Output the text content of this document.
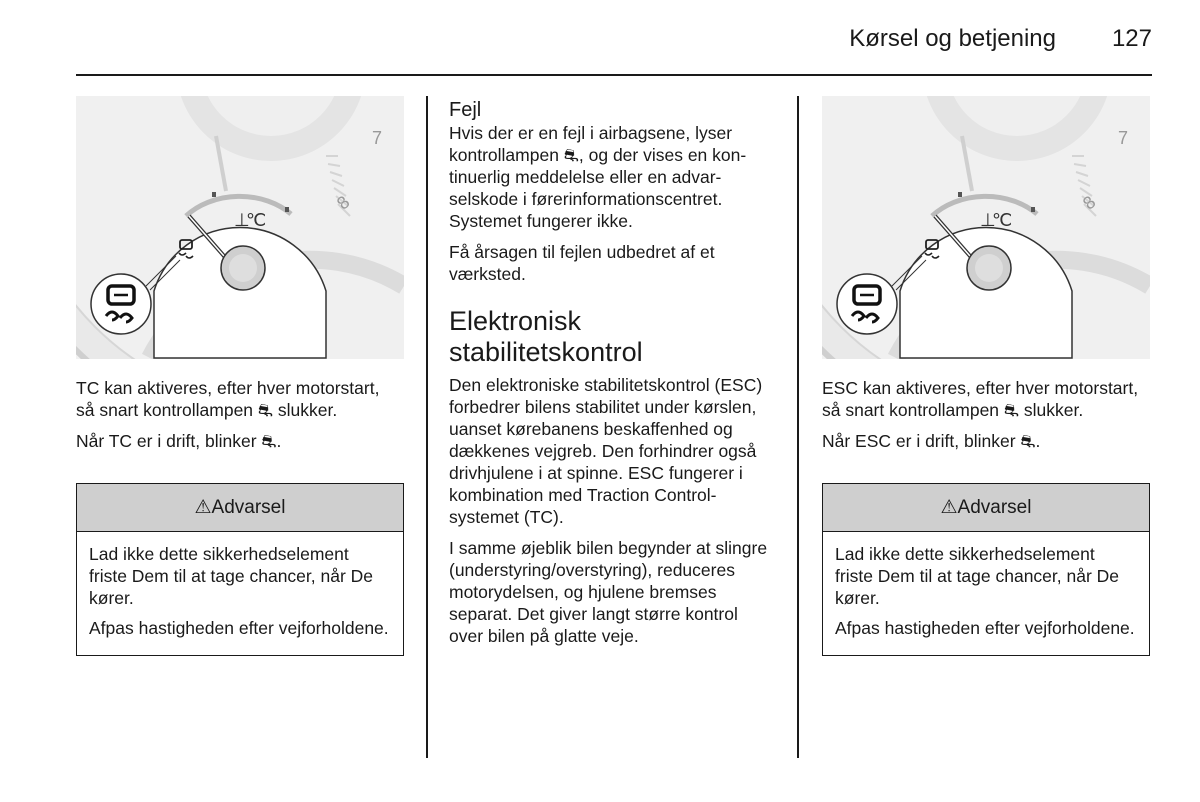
Kørsel og betjening	127
7
8
⊥
℃

TC kan aktiveres, efter hver motorstart, så snart kontrollampen ⛐ slukker.

Når TC er i drift, blinker ⛐.

⚠Advarsel

Lad ikke dette sikkerhedselement friste Dem til at tage chancer, når De kører.

Afpas hastigheden efter vejforholdene.

Fejl

Hvis der er en fejl i airbagsene, lyser kontrollampen ⛐, og der vises en kontinuerlig meddelelse eller en advarselskode i førerinformationscentret. Systemet fungerer ikke.

Få årsagen til fejlen udbedret af et værksted.

Elektronisk
stabilitetskontrol

Den elektroniske stabilitetskontrol (ESC) forbedrer bilens stabilitet under kørslen, uanset kørebanens beskaffenhed og dækkenes vejgreb. Den forhindrer også drivhjulene i at spinne. ESC fungerer i kombination med Traction Control-systemet (TC).

I samme øjeblik bilen begynder at slingre (understyring/overstyring), reduceres motorydelsen, og hjulene bremses separat. Det giver langt større kontrol over bilen på glatte veje.

7
8
⊥
℃

ESC kan aktiveres, efter hver motorstart, så snart kontrollampen ⛐ slukker.

Når ESC er i drift, blinker ⛐.

⚠Advarsel

Lad ikke dette sikkerhedselement friste Dem til at tage chancer, når De kører.

Afpas hastigheden efter vejforholdene.
